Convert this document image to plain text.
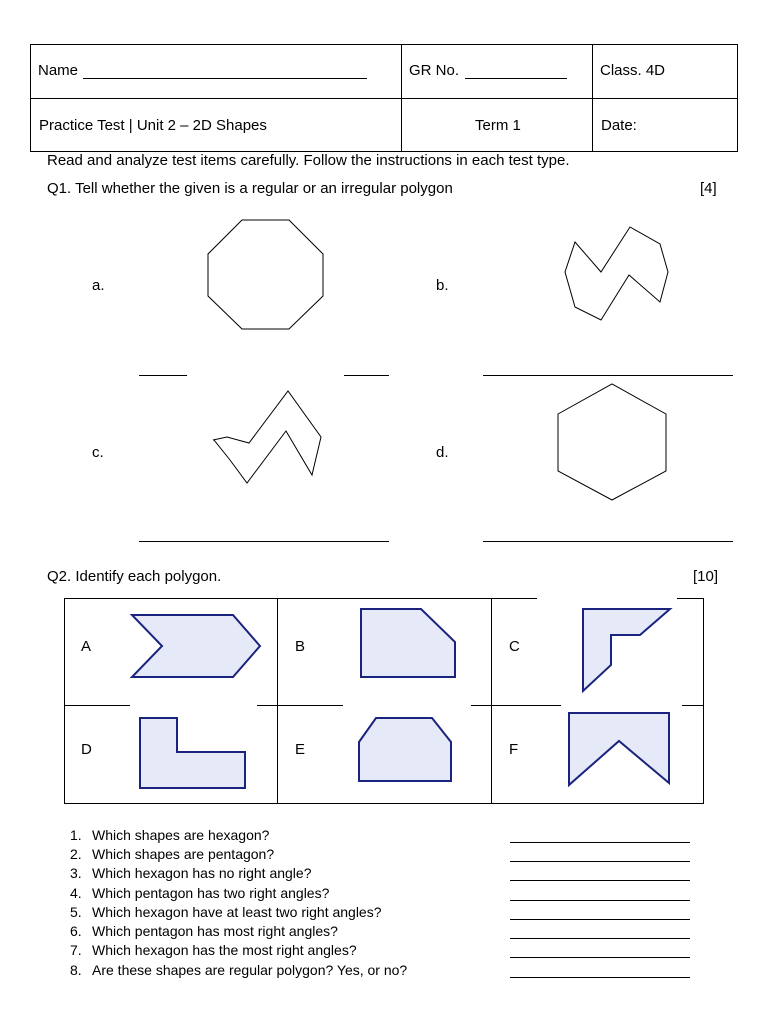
Name	GR No.	Class. 4D
Practice Test | Unit 2 – 2D Shapes	Term 1	Date:
Read and analyze test items carefully. Follow the instructions in each test type.
Q1. Tell whether the given is a regular or an irregular polygon	[4]
a.	b.
c.	d.
Q2. Identify each polygon.	[10]
A	B	C
D	E	F
1. Which shapes are hexagon?
2. Which shapes are pentagon?
3. Which hexagon has no right angle?
4. Which pentagon has two right angles?
5. Which hexagon have at least two right angles?
6. Which pentagon has most right angles?
7. Which hexagon has the most right angles?
8. Are these shapes are regular polygon? Yes, or no?
